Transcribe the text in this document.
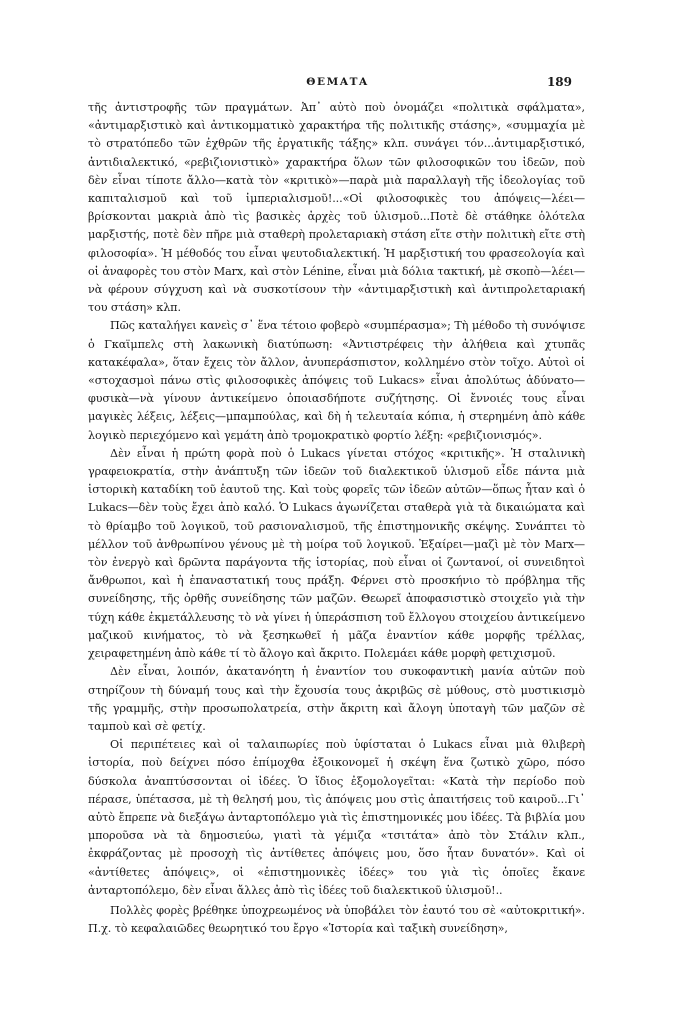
ΘΕΜΑΤΑ	189

τῆς ἀντιστροφῆς τῶν πραγμάτων. Ἀπ᾿ αὐτὸ ποὺ ὀνομάζει «πολιτικὰ σφάλματα», «ἀντιμαρξιστικὸ καὶ ἀντικομματικὸ χαρακτήρα τῆς πολιτικῆς στάσης», «συμμαχία μὲ τὸ στρατόπεδο τῶν ἐχθρῶν τῆς ἐργατικῆς τάξης» κλπ. συνάγει τόν...ἀντιμαρξιστικό, ἀντιδιαλεκτικό, «ρεβιζιονιστικὸ» χαρακτήρα ὅλων τῶν φιλοσοφικῶν του ἰδεῶν, ποὺ δὲν εἶναι τίποτε ἄλλο—κατὰ τὸν «κριτικὸ»—παρὰ μιὰ παραλλαγὴ τῆς ἰδεολογίας τοῦ καπιταλισμοῦ καὶ τοῦ ἰμπεριαλισμοῦ!...«Οἱ φιλοσοφικὲς του ἀπόψεις—λέει—βρίσκονται μακριὰ ἀπὸ τὶς βασικὲς ἀρχὲς τοῦ ὑλισμοῦ...Ποτὲ δὲ στάθηκε ὁλότελα μαρξιστής, ποτὲ δὲν πῆρε μιὰ σταθερὴ προλεταριακὴ στάση εἴτε στὴν πολιτικὴ εἴτε στὴ φιλοσοφία». Ἡ μέθοδός του εἶναι ψευτοδιαλεκτική. Ἡ μαρξιστική του φρασεολογία καὶ οἱ ἀναφορὲς του στὸν Marx, καὶ στὸν Lénine, εἶναι μιὰ δόλια τακτική, μὲ σκοπὸ—λέει—νὰ φέρουν σύγχυση καὶ νὰ συσκοτίσουν τὴν «ἀντιμαρξιστικὴ καὶ ἀντιπρολεταριακή του στάση» κλπ.

Πῶς καταλήγει κανεὶς σ᾿ ἕνα τέτοιο φοβερὸ «συμπέρασμα»; Τὴ μέθοδο τὴ συνόψισε ὁ Γκαϊμπελς στὴ λακωνικὴ διατύπωση: «Ἀντιστρέφεις τὴν ἀλήθεια καὶ χτυπᾶς κατακέφαλα», ὅταν ἔχεις τὸν ἄλλον, ἀνυπεράσπιστον, κολλημένο στὸν τοῖχο. Αὐτοὶ οἱ «στοχασμοὶ πάνω στὶς φιλοσοφικὲς ἀπόψεις τοῦ Lukacs» εἶναι ἀπολύτως ἀδύνατο—φυσικὰ—νὰ γίνουν ἀντικείμενο ὁποιασδήποτε συζήτησης. Οἱ ἔννοιές τους εἶναι μαγικὲς λέξεις, λέξεις—μπαμπούλας, καὶ δὴ ἡ τελευταία κόπια, ἡ στερημένη ἀπὸ κάθε λογικὸ περιεχόμενο καὶ γεμάτη ἀπὸ τρομοκρατικὸ φορτίο λέξη: «ρεβιζιονισμός».

Δὲν εἶναι ἡ πρώτη φορὰ ποὺ ὁ Lukacs γίνεται στόχος «κριτικῆς». Ἡ σταλινικὴ γραφειοκρατία, στὴν ἀνάπτυξη τῶν ἰδεῶν τοῦ διαλεκτικοῦ ὑλισμοῦ εἶδε πάντα μιὰ ἱστορικὴ καταδίκη τοῦ ἑαυτοῦ της. Καὶ τοὺς φορεῖς τῶν ἰδεῶν αὐτῶν—ὅπως ἦταν καὶ ὁ Lukacs—δὲν τοὺς ἔχει ἀπὸ καλό. Ὁ Lukacs ἀγωνίζεται σταθερὰ γιὰ τὰ δικαιώματα καὶ τὸ θρίαμβο τοῦ λογικοῦ, τοῦ ρασιοναλισμοῦ, τῆς ἐπιστημονικῆς σκέψης. Συνάπτει τὸ μέλλον τοῦ ἀνθρωπίνου γένους μὲ τὴ μοίρα τοῦ λογικοῦ. Ἐξαίρει—μαζὶ μὲ τὸν Marx—τὸν ἐνεργὸ καὶ δρῶντα παράγοντα τῆς ἱστορίας, ποὺ εἶναι οἱ ζωντανοί, οἱ συνειδητοὶ ἄνθρωποι, καὶ ἡ ἐπαναστατική τους πράξη. Φέρνει στὸ προσκήνιο τὸ πρόβλημα τῆς συνείδησης, τῆς ὀρθῆς συνείδησης τῶν μαζῶν. Θεωρεῖ ἀποφασιστικὸ στοιχεῖο γιὰ τὴν τύχη κάθε ἐκμετάλλευσης τὸ νὰ γίνει ἡ ὑπεράσπιση τοῦ ἔλλογου στοιχείου ἀντικείμενο μαζικοῦ κινήματος, τὸ νὰ ξεσηκωθεῖ ἡ μᾶζα ἐναντίον κάθε μορφῆς τρέλλας, χειραφετημένη ἀπὸ κάθε τί τὸ ἄλογο καὶ ἄκριτο. Πολεμάει κάθε μορφὴ φετιχισμοῦ.

Δὲν εἶναι, λοιπόν, ἀκατανόητη ἡ ἐναντίον του συκοφαντικὴ μανία αὐτῶν ποὺ στηρίζουν τὴ δύναμή τους καὶ τὴν ἔχουσία τους ἀκριβῶς σὲ μύθους, στὸ μυστικισμὸ τῆς γραμμῆς, στὴν προσωπολατρεία, στὴν ἄκριτη καὶ ἄλογη ὑποταγὴ τῶν μαζῶν σὲ ταμποὺ καὶ σὲ φετίχ.

Οἱ περιπέτειες καὶ οἱ ταλαιπωρίες ποὺ ὑφίσταται ὁ Lukacs εἶναι μιὰ θλιβερὴ ἱστορία, ποὺ δείχνει πόσο ἐπίμοχθα ἐξοικονομεῖ ἡ σκέψη ἕνα ζωτικὸ χῶρο, πόσο δύσκολα ἀναπτύσσονται οἱ ἰδέες. Ὁ ἴδιος ἐξομολογεῖται: «Κατὰ τὴν περίοδο ποὺ πέρασε, ὑπέτασσα, μὲ τὴ θελησή μου, τὶς ἀπόψεις μου στὶς ἀπαιτήσεις τοῦ καιροῦ...Γι᾿ αὐτὸ ἔπρεπε νὰ διεξάγω ἀνταρτοπόλεμο γιὰ τὶς ἐπιστημονικές μου ἰδέες. Τὰ βιβλία μου μποροῦσα νὰ τὰ δημοσιεύω, γιατὶ τὰ γέμιζα «τσιτάτα» ἀπὸ τὸν Στάλιν κλπ., ἐκφράζοντας μὲ προσοχὴ τὶς ἀντίθετες ἀπόψεις μου, ὅσο ἦταν δυνατόν». Καὶ οἱ «ἀντίθετες ἀπόψεις», οἱ «ἐπιστημονικὲς ἰδέες» του γιὰ τὶς ὁποῖες ἔκανε ἀνταρτοπόλεμο, δὲν εἶναι ἄλλες ἀπὸ τὶς ἰδέες τοῦ διαλεκτικοῦ ὑλισμοῦ!..

Πολλὲς φορὲς βρέθηκε ὑποχρεωμένος νὰ ὑποβάλει τὸν ἑαυτό του σὲ «αὐτοκριτική». Π.χ. τὸ κεφαλαιῶδες θεωρητικό του ἔργο «Ἱστορία καὶ ταξικὴ συνείδηση»,
